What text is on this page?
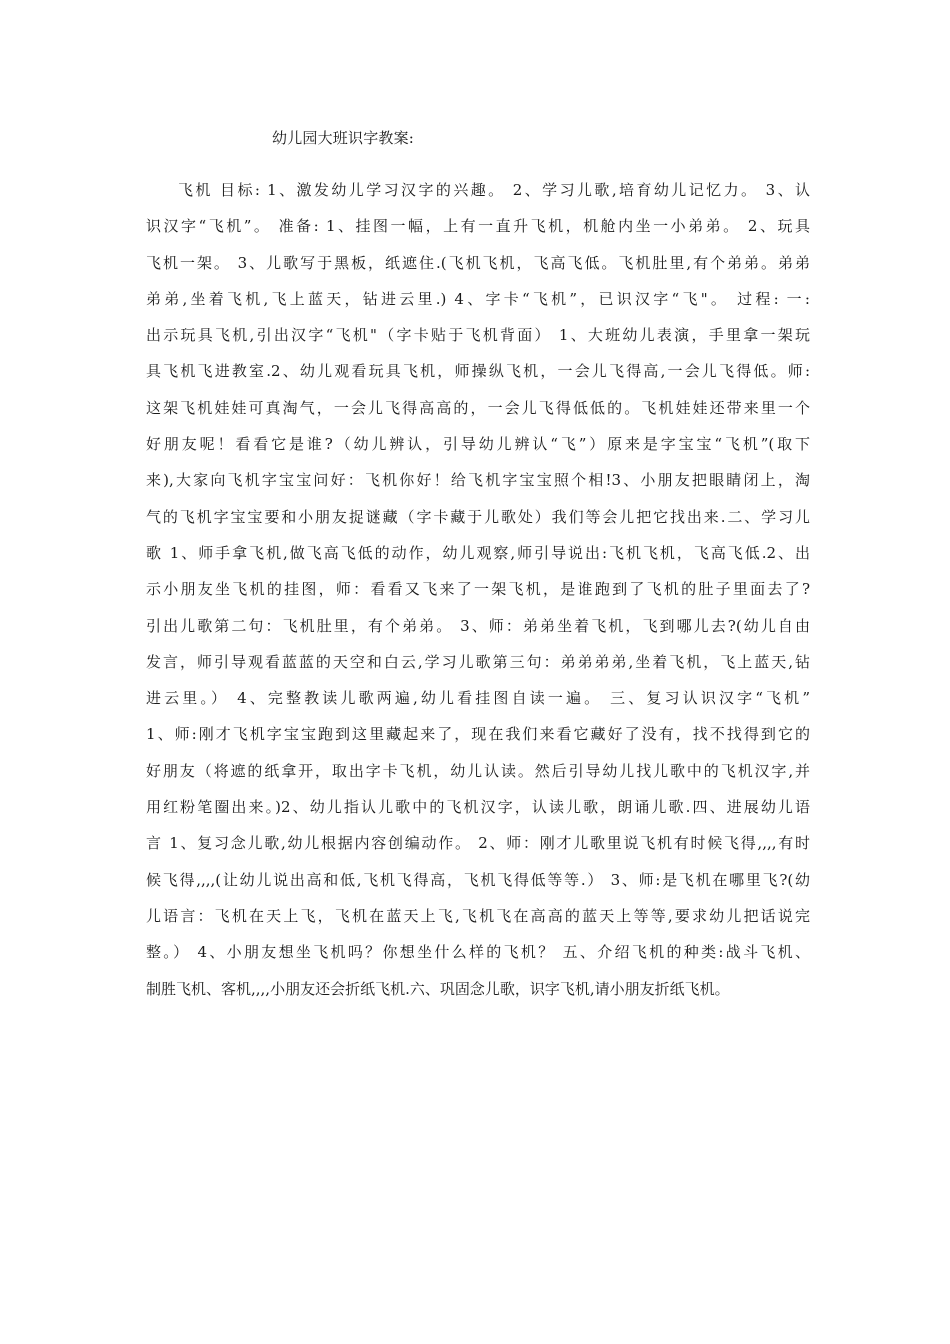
幼儿园大班识字教案:
飞机 目标: 1、激发幼儿学习汉字的兴趣。 2、学习儿歌,培育幼儿记忆力。 3、认
识汉字“飞机”。 准备: 1、挂图一幅，上有一直升飞机，机舱内坐一小弟弟。 2、玩具
飞机一架。 3、儿歌写于黑板，纸遮住.(飞机飞机，飞高飞低。飞机肚里,有个弟弟。弟弟
弟弟,坐着飞机,飞上蓝天，钻进云里.) 4、字卡“飞机”，已识汉字“飞"。 过程: 一:
出示玩具飞机,引出汉字“飞机"（字卡贴于飞机背面） 1、大班幼儿表演，手里拿一架玩
具飞机飞进教室.2、幼儿观看玩具飞机，师操纵飞机，一会儿飞得高,一会儿飞得低。师:
这架飞机娃娃可真淘气，一会儿飞得高高的，一会儿飞得低低的。飞机娃娃还带来里一个
好朋友呢！看看它是谁?（幼儿辨认，引导幼儿辨认“飞”）原来是字宝宝“飞机”(取下
来),大家向飞机字宝宝问好：飞机你好！给飞机字宝宝照个相!3、小朋友把眼睛闭上，淘
气的飞机字宝宝要和小朋友捉谜藏（字卡藏于儿歌处）我们等会儿把它找出来.二、学习儿
歌 1、师手拿飞机,做飞高飞低的动作，幼儿观察,师引导说出:飞机飞机，飞高飞低.2、出
示小朋友坐飞机的挂图，师：看看又飞来了一架飞机，是谁跑到了飞机的肚子里面去了?
引出儿歌第二句：飞机肚里，有个弟弟。 3、师：弟弟坐着飞机，飞到哪儿去?(幼儿自由
发言，师引导观看蓝蓝的天空和白云,学习儿歌第三句：弟弟弟弟,坐着飞机，飞上蓝天,钻
进云里。） 4、完整教读儿歌两遍,幼儿看挂图自读一遍。 三、复习认识汉字“飞机”
1、师:刚才飞机字宝宝跑到这里藏起来了，现在我们来看它藏好了没有，找不找得到它的
好朋友（将遮的纸拿开，取出字卡飞机，幼儿认读。然后引导幼儿找儿歌中的飞机汉字,并
用红粉笔圈出来。)2、幼儿指认儿歌中的飞机汉字，认读儿歌，朗诵儿歌.四、进展幼儿语
言 1、复习念儿歌,幼儿根据内容创编动作。 2、师：刚才儿歌里说飞机有时候飞得,,,,有时
候飞得,,,,(让幼儿说出高和低,飞机飞得高，飞机飞得低等等.） 3、师:是飞机在哪里飞?(幼
儿语言：飞机在天上飞，飞机在蓝天上飞,飞机飞在高高的蓝天上等等,要求幼儿把话说完
整。） 4、小朋友想坐飞机吗？你想坐什么样的飞机？ 五、介绍飞机的种类:战斗飞机、
制胜飞机、客机,,,,小朋友还会折纸飞机.六、巩固念儿歌，识字飞机,请小朋友折纸飞机。
